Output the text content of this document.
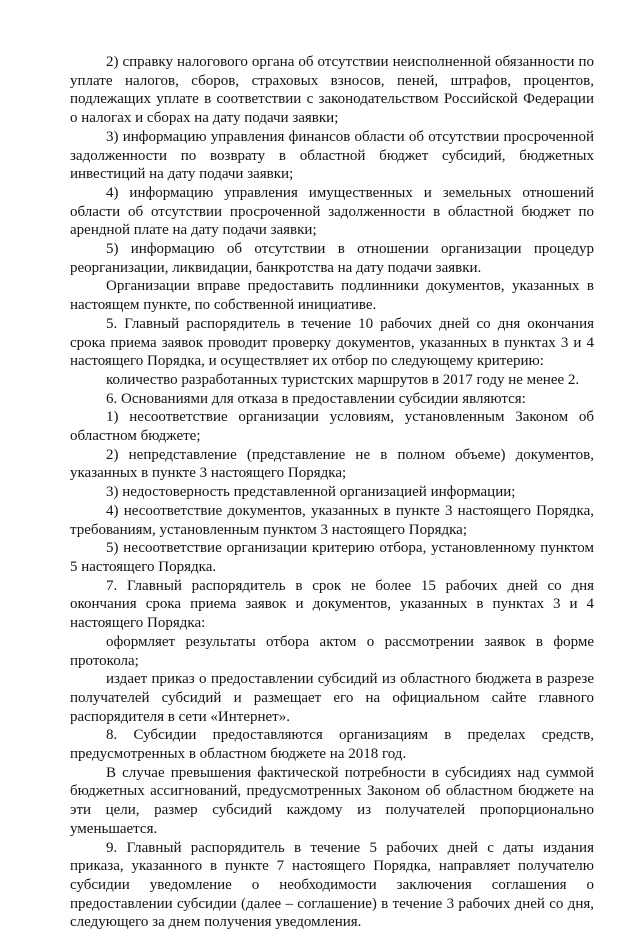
2) справку налогового органа об отсутствии неисполненной обязанности по уплате налогов, сборов, страховых взносов, пеней, штрафов, процентов, подлежащих уплате в соответствии с законодательством Российской Федерации о налогах и сборах на дату подачи заявки;

3) информацию управления финансов области об отсутствии просроченной задолженности по возврату в областной бюджет субсидий, бюджетных инвестиций на дату подачи заявки;

4) информацию управления имущественных и земельных отношений области об отсутствии просроченной задолженности в областной бюджет по арендной плате на дату подачи заявки;

5) информацию об отсутствии в отношении организации процедур реорганизации, ликвидации, банкротства на дату подачи заявки.

Организации вправе предоставить подлинники документов, указанных в настоящем пункте, по собственной инициативе.

5. Главный распорядитель в течение 10 рабочих дней со дня окончания срока приема заявок проводит проверку документов, указанных в пунктах 3 и 4 настоящего Порядка, и осуществляет их отбор по следующему критерию:

количество разработанных туристских маршрутов в 2017 году не менее 2.

6. Основаниями для отказа в предоставлении субсидии являются:

1) несоответствие организации условиям, установленным Законом об областном бюджете;

2) непредставление (представление не в полном объеме) документов, указанных в пункте 3 настоящего Порядка;

3) недостоверность представленной организацией информации;

4) несоответствие документов, указанных в пункте 3 настоящего Порядка, требованиям, установленным пунктом 3 настоящего Порядка;

5) несоответствие организации критерию отбора, установленному пунктом 5 настоящего Порядка.

7. Главный распорядитель в срок не более 15 рабочих дней со дня окончания срока приема заявок и документов, указанных в пунктах 3 и 4 настоящего Порядка:

оформляет результаты отбора актом о рассмотрении заявок в форме протокола;

издает приказ о предоставлении субсидий из областного бюджета в разрезе получателей субсидий и размещает его на официальном сайте главного распорядителя в сети «Интернет».

8. Субсидии предоставляются организациям в пределах средств, предусмотренных в областном бюджете на 2018 год.

В случае превышения фактической потребности в субсидиях над суммой бюджетных ассигнований, предусмотренных Законом об областном бюджете на эти цели, размер субсидий каждому из получателей пропорционально уменьшается.

9. Главный распорядитель в течение 5 рабочих дней с даты издания приказа, указанного в пункте 7 настоящего Порядка, направляет получателю субсидии уведомление о необходимости заключения соглашения о предоставлении субсидии (далее – соглашение) в течение 3 рабочих дней со дня, следующего за днем получения уведомления.
